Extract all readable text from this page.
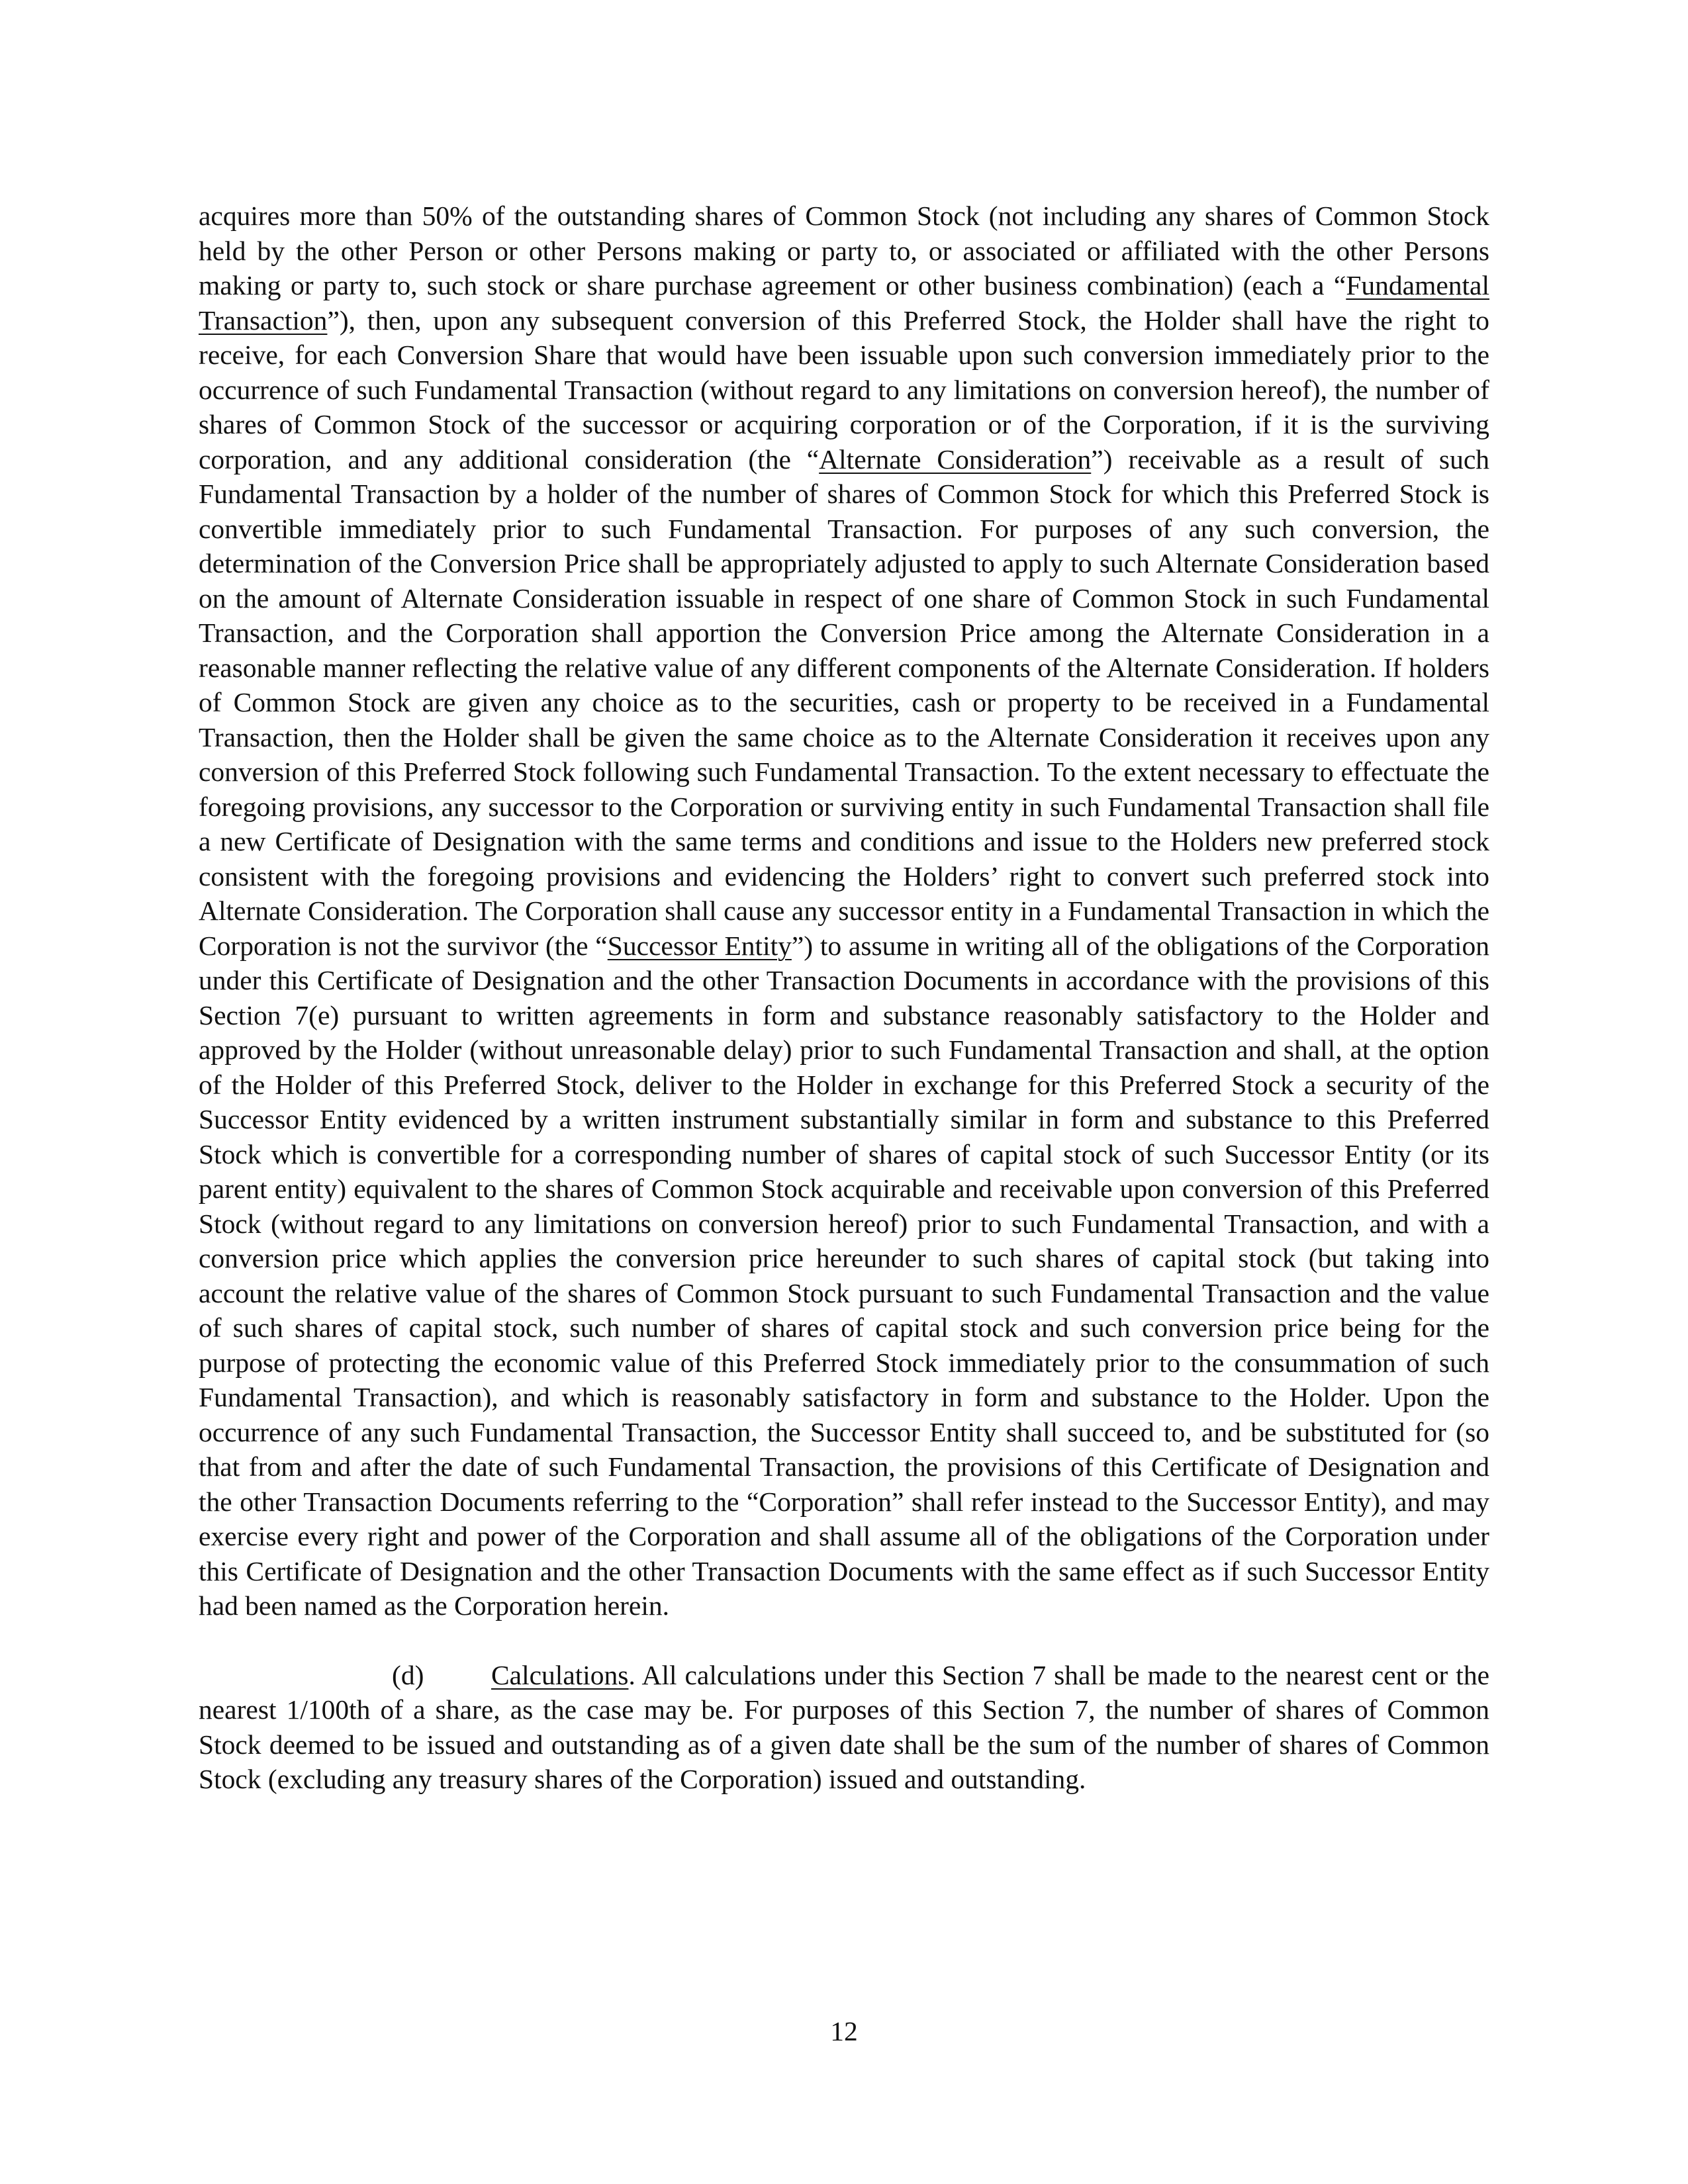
acquires more than 50% of the outstanding shares of Common Stock (not including any shares of Common Stock held by the other Person or other Persons making or party to, or associated or affiliated with the other Persons making or party to, such stock or share purchase agreement or other business combination) (each a “Fundamental Transaction”), then, upon any subsequent conversion of this Preferred Stock, the Holder shall have the right to receive, for each Conversion Share that would have been issuable upon such conversion immediately prior to the occurrence of such Fundamental Transaction (without regard to any limitations on conversion hereof), the number of shares of Common Stock of the successor or acquiring corporation or of the Corporation, if it is the surviving corporation, and any additional consideration (the “Alternate Consideration”) receivable as a result of such Fundamental Transaction by a holder of the number of shares of Common Stock for which this Preferred Stock is convertible immediately prior to such Fundamental Transaction. For purposes of any such conversion, the determination of the Conversion Price shall be appropriately adjusted to apply to such Alternate Consideration based on the amount of Alternate Consideration issuable in respect of one share of Common Stock in such Fundamental Transaction, and the Corporation shall apportion the Conversion Price among the Alternate Consideration in a reasonable manner reflecting the relative value of any different components of the Alternate Consideration. If holders of Common Stock are given any choice as to the securities, cash or property to be received in a Fundamental Transaction, then the Holder shall be given the same choice as to the Alternate Consideration it receives upon any conversion of this Preferred Stock following such Fundamental Transaction. To the extent necessary to effectuate the foregoing provisions, any successor to the Corporation or surviving entity in such Fundamental Transaction shall file a new Certificate of Designation with the same terms and conditions and issue to the Holders new preferred stock consistent with the foregoing provisions and evidencing the Holders’ right to convert such preferred stock into Alternate Consideration. The Corporation shall cause any successor entity in a Fundamental Transaction in which the Corporation is not the survivor (the “Successor Entity”) to assume in writing all of the obligations of the Corporation under this Certificate of Designation and the other Transaction Documents in accordance with the provisions of this Section 7(e) pursuant to written agreements in form and substance reasonably satisfactory to the Holder and approved by the Holder (without unreasonable delay) prior to such Fundamental Transaction and shall, at the option of the Holder of this Preferred Stock, deliver to the Holder in exchange for this Preferred Stock a security of the Successor Entity evidenced by a written instrument substantially similar in form and substance to this Preferred Stock which is convertible for a corresponding number of shares of capital stock of such Successor Entity (or its parent entity) equivalent to the shares of Common Stock acquirable and receivable upon conversion of this Preferred Stock (without regard to any limitations on conversion hereof) prior to such Fundamental Transaction, and with a conversion price which applies the conversion price hereunder to such shares of capital stock (but taking into account the relative value of the shares of Common Stock pursuant to such Fundamental Transaction and the value of such shares of capital stock, such number of shares of capital stock and such conversion price being for the purpose of protecting the economic value of this Preferred Stock immediately prior to the consummation of such Fundamental Transaction), and which is reasonably satisfactory in form and substance to the Holder. Upon the occurrence of any such Fundamental Transaction, the Successor Entity shall succeed to, and be substituted for (so that from and after the date of such Fundamental Transaction, the provisions of this Certificate of Designation and the other Transaction Documents referring to the “Corporation” shall refer instead to the Successor Entity), and may exercise every right and power of the Corporation and shall assume all of the obligations of the Corporation under this Certificate of Designation and the other Transaction Documents with the same effect as if such Successor Entity had been named as the Corporation herein.

(d) Calculations. All calculations under this Section 7 shall be made to the nearest cent or the nearest 1/100th of a share, as the case may be. For purposes of this Section 7, the number of shares of Common Stock deemed to be issued and outstanding as of a given date shall be the sum of the number of shares of Common Stock (excluding any treasury shares of the Corporation) issued and outstanding.

12
